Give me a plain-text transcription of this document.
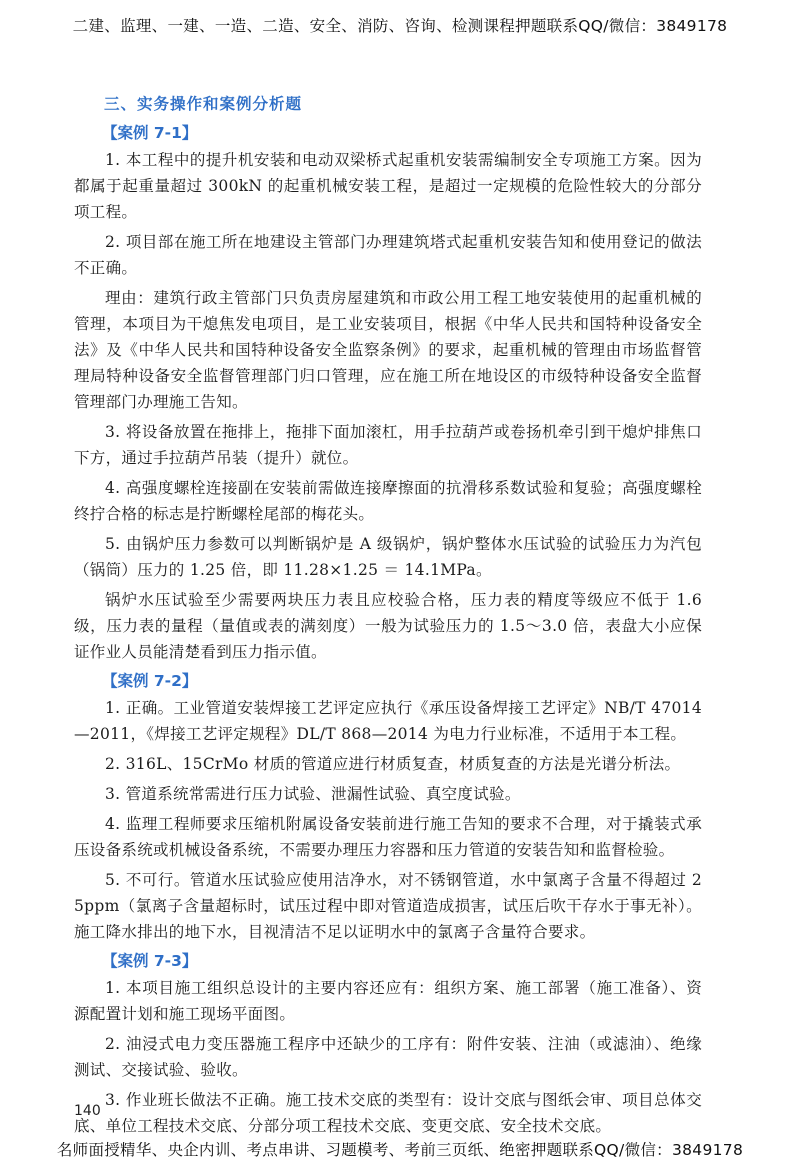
二建、监理、一建、一造、二造、安全、消防、咨询、检测课程押题联系QQ/微信：3849178
三、实务操作和案例分析题
【案例 7-1】

1. 本工程中的提升机安装和电动双梁桥式起重机安装需编制安全专项施工方案。因为都属于起重量超过 300kN 的起重机械安装工程，是超过一定规模的危险性较大的分部分项工程。

2. 项目部在施工所在地建设主管部门办理建筑塔式起重机安装告知和使用登记的做法不正确。

理由：建筑行政主管部门只负责房屋建筑和市政公用工程工地安装使用的起重机械的管理，本项目为干熄焦发电项目，是工业安装项目，根据《中华人民共和国特种设备安全法》及《中华人民共和国特种设备安全监察条例》的要求，起重机械的管理由市场监督管理局特种设备安全监督管理部门归口管理，应在施工所在地设区的市级特种设备安全监督管理部门办理施工告知。

3. 将设备放置在拖排上，拖排下面加滚杠，用手拉葫芦或卷扬机牵引到干熄炉排焦口下方，通过手拉葫芦吊装（提升）就位。

4. 高强度螺栓连接副在安装前需做连接摩擦面的抗滑移系数试验和复验；高强度螺栓终拧合格的标志是拧断螺栓尾部的梅花头。

5. 由锅炉压力参数可以判断锅炉是 A 级锅炉，锅炉整体水压试验的试验压力为汽包（锅筒）压力的 1.25 倍，即 11.28×1.25 ＝ 14.1MPa。

锅炉水压试验至少需要两块压力表且应校验合格，压力表的精度等级应不低于 1.6 级，压力表的量程（量值或表的满刻度）一般为试验压力的 1.5～3.0 倍，表盘大小应保证作业人员能清楚看到压力指示值。

【案例 7-2】

1. 正确。工业管道安装焊接工艺评定应执行《承压设备焊接工艺评定》NB/T 47014—2011，《焊接工艺评定规程》DL/T 868—2014 为电力行业标准，不适用于本工程。

2. 316L、15CrMo 材质的管道应进行材质复查，材质复查的方法是光谱分析法。

3. 管道系统常需进行压力试验、泄漏性试验、真空度试验。

4. 监理工程师要求压缩机附属设备安装前进行施工告知的要求不合理，对于撬装式承压设备系统或机械设备系统，不需要办理压力容器和压力管道的安装告知和监督检验。

5. 不可行。管道水压试验应使用洁净水，对不锈钢管道，水中氯离子含量不得超过 25ppm（氯离子含量超标时，试压过程中即对管道造成损害，试压后吹干存水于事无补）。施工降水排出的地下水，目视清洁不足以证明水中的氯离子含量符合要求。

【案例 7-3】

1. 本项目施工组织总设计的主要内容还应有：组织方案、施工部署（施工准备）、资源配置计划和施工现场平面图。

2. 油浸式电力变压器施工程序中还缺少的工序有：附件安装、注油（或滤油）、绝缘测试、交接试验、验收。

3. 作业班长做法不正确。施工技术交底的类型有：设计交底与图纸会审、项目总体交底、单位工程技术交底、分部分项工程技术交底、变更交底、安全技术交底。

140
名师面授精华、央企内训、考点串讲、习题模考、考前三页纸、绝密押题联系QQ/微信：3849178
